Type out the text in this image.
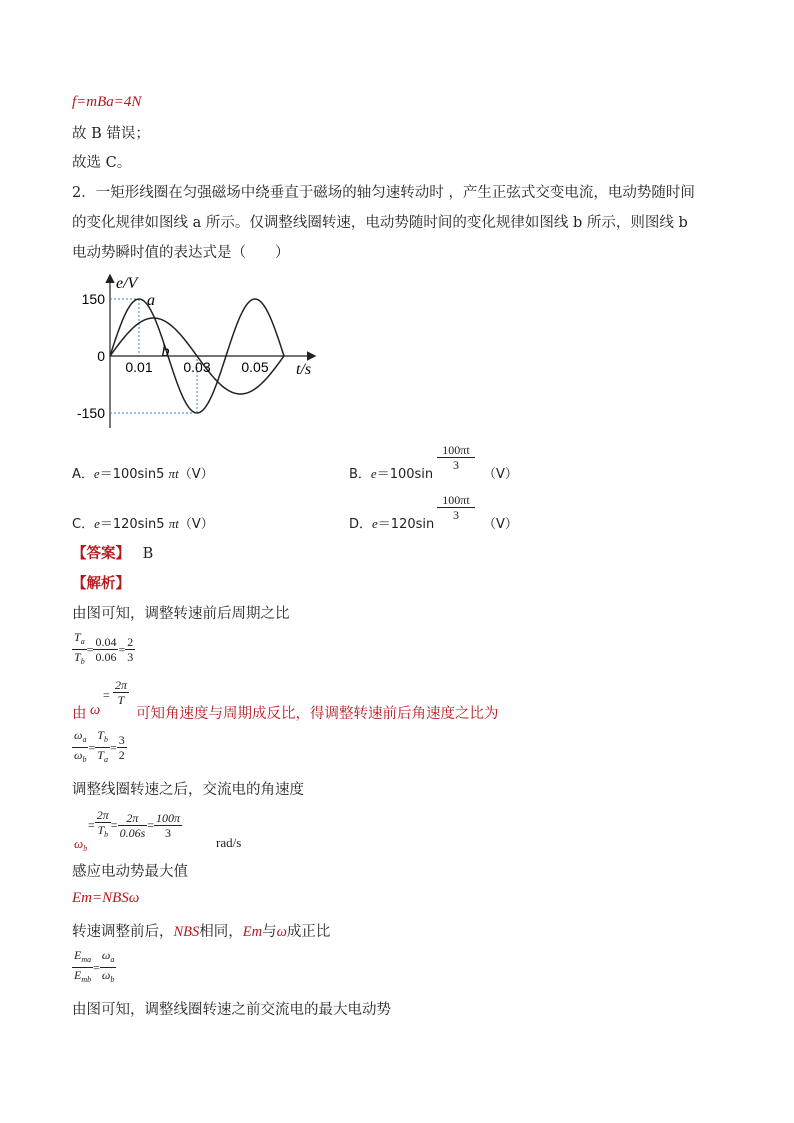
f=mBa=4N
故 B 错误；
故选 C。
2．一矩形线圈在匀强磁场中绕垂直于磁场的轴匀速转动时 ，产生正弦式交变电流，电动势随时间
的变化规律如图线 a 所示。仅调整线圈转速，电动势随时间的变化规律如图线 b 所示，则图线 b
电动势瞬时值的表达式是（　　）
a
b
0.01 0.03 0.05
150
0
-150
e/V
t/s
A．e＝100sin5 πt（V）	B．e＝100sin
$\frac{100\pi t}{3}$
（V）
C．e＝120sin5 πt（V）	D．e＝120sin
$\frac{100\pi t}{3}$
（V）
【答案】 B
【解析】
由图可知，调整转速前后周期之比
$\frac{T_a}{T_b} = \frac{0.04}{0.06} = \frac{2}{3}$
由 ω
= $\frac{2\pi}{T}$
可知角速度与周期成反比，得调整转速前后角速度之比为
$\frac{\omega_a}{\omega_b} = \frac{T_b}{T_a} = \frac{3}{2}$
调整线圈转速之后，交流电的角速度
$\omega_b$
= $\frac{2\pi}{T_b} = \frac{2\pi}{0.06s} = \frac{100\pi}{3}$
rad/s
感应电动势最大值
Em=NBSω
转速调整前后，NBS相同，Em与ω成正比
$\frac{E_{ma}}{E_{mb}} = \frac{\omega_a}{\omega_b}$
由图可知，调整线圈转速之前交流电的最大电动势
